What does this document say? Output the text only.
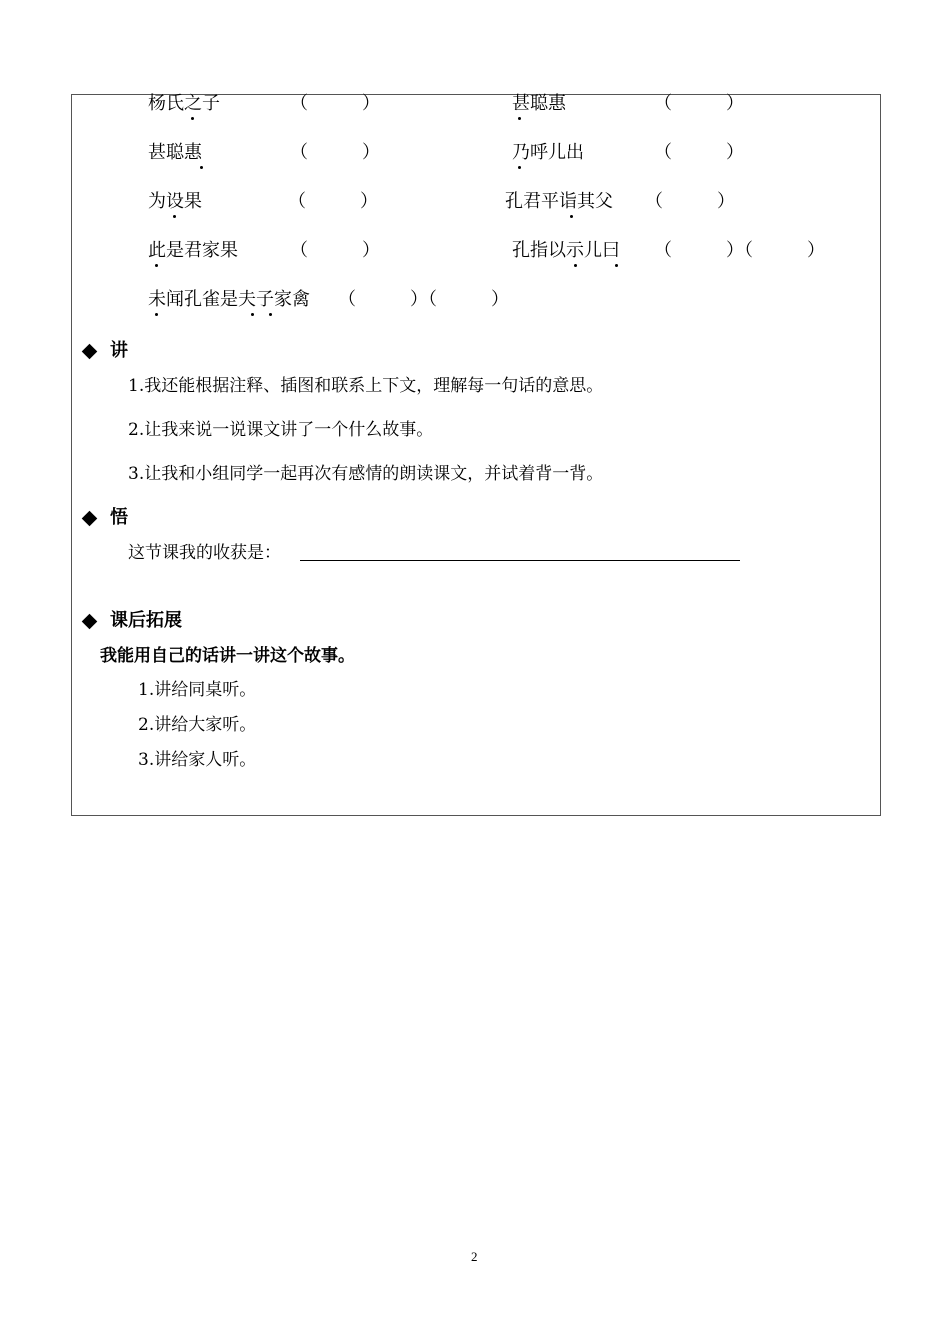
杨氏之子	（　　　）	甚聪惠	（　　　）
甚聪惠	（　　　）	乃呼儿出	（　　　）
为设果	（　　　）	孔君平诣其父 （　　　）
此是君家果	（　　　）	孔指以示儿曰 （　　　）（　　　）
未闻孔雀是夫子家禽 （　　　）（　　　）
讲
1.我还能根据注释、插图和联系上下文，理解每一句话的意思。
2.让我来说一说课文讲了一个什么故事。
3.让我和小组同学一起再次有感情的朗读课文，并试着背一背。
悟
这节课我的收获是：
课后拓展
我能用自己的话讲一讲这个故事。
1.讲给同桌听。
2.讲给大家听。
3.讲给家人听。
2
